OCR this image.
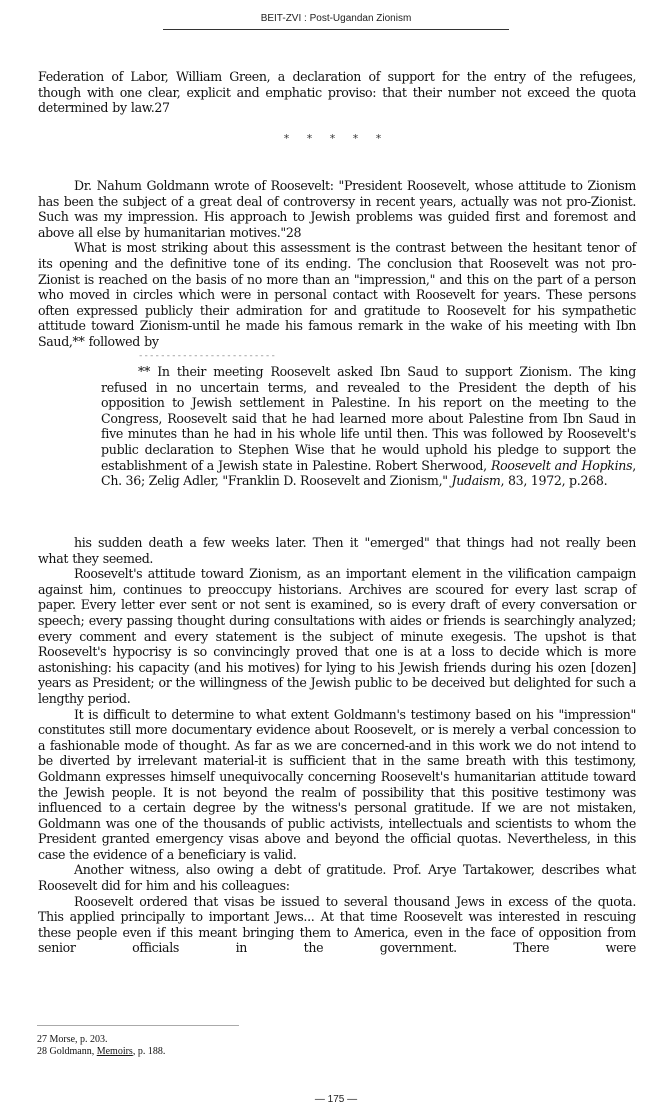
BEIT-ZVI : Post-Ugandan Zionism

Federation of Labor, William Green, a declaration of support for the entry of the refugees, though with one clear, explicit and emphatic proviso: that their number not exceed the quota determined by law.27

* * * * *

Dr. Nahum Goldmann wrote of Roosevelt: "President Roosevelt, whose attitude to Zionism has been the subject of a great deal of controversy in recent years, actually was not pro-Zionist. Such was my impression. His approach to Jewish problems was guided first and foremost and above all else by humanitarian motives."28

What is most striking about this assessment is the contrast between the hesitant tenor of its opening and the definitive tone of its ending. The conclusion that Roosevelt was not pro-Zionist is reached on the basis of no more than an "impression," and this on the part of a person who moved in circles which were in personal contact with Roosevelt for years. These persons often expressed publicly their admiration for and gratitude to Roosevelt for his sympathetic attitude toward Zionism-until he made his famous remark in the wake of his meeting with Ibn Saud,** followed by

-------------------------

** In their meeting Roosevelt asked Ibn Saud to support Zionism. The king refused in no uncertain terms, and revealed to the President the depth of his opposition to Jewish settlement in Palestine. In his report on the meeting to the Congress, Roosevelt said that he had learned more about Palestine from Ibn Saud in five minutes than he had in his whole life until then. This was followed by Roosevelt's public declaration to Stephen Wise that he would uphold his pledge to support the establishment of a Jewish state in Palestine. Robert Sherwood, Roosevelt and Hopkins, Ch. 36; Zelig Adler, "Franklin D. Roosevelt and Zionism," Judaism, 83, 1972, p.268.

his sudden death a few weeks later. Then it "emerged" that things had not really been what they seemed.

Roosevelt's attitude toward Zionism, as an important element in the vilification campaign against him, continues to preoccupy historians. Archives are scoured for every last scrap of paper. Every letter ever sent or not sent is examined, so is every draft of every conversation or speech; every passing thought during consultations with aides or friends is searchingly analyzed; every comment and every statement is the subject of minute exegesis. The upshot is that Roosevelt's hypocrisy is so convincingly proved that one is at a loss to decide which is more astonishing: his capacity (and his motives) for lying to his Jewish friends during his ozen [dozen] years as President; or the willingness of the Jewish public to be deceived but delighted for such a lengthy period.

It is difficult to determine to what extent Goldmann's testimony based on his "impression" constitutes still more documentary evidence about Roosevelt, or is merely a verbal concession to a fashionable mode of thought. As far as we are concerned-and in this work we do not intend to be diverted by irrelevant material-it is sufficient that in the same breath with this testimony, Goldmann expresses himself unequivocally concerning Roosevelt's humanitarian attitude toward the Jewish people. It is not beyond the realm of possibility that this positive testimony was influenced to a certain degree by the witness's personal gratitude. If we are not mistaken, Goldmann was one of the thousands of public activists, intellectuals and scientists to whom the President granted emergency visas above and beyond the official quotas. Nevertheless, in this case the evidence of a beneficiary is valid.

Another witness, also owing a debt of gratitude. Prof. Arye Tartakower, describes what Roosevelt did for him and his colleagues:

Roosevelt ordered that visas be issued to several thousand Jews in excess of the quota. This applied principally to important Jews... At that time Roosevelt was interested in rescuing these people even if this meant bringing them to America, even in the face of opposition from senior officials in the government. There were

27 Morse, p. 203.
28 Goldmann, Memoirs, p. 188.
— 175 —
